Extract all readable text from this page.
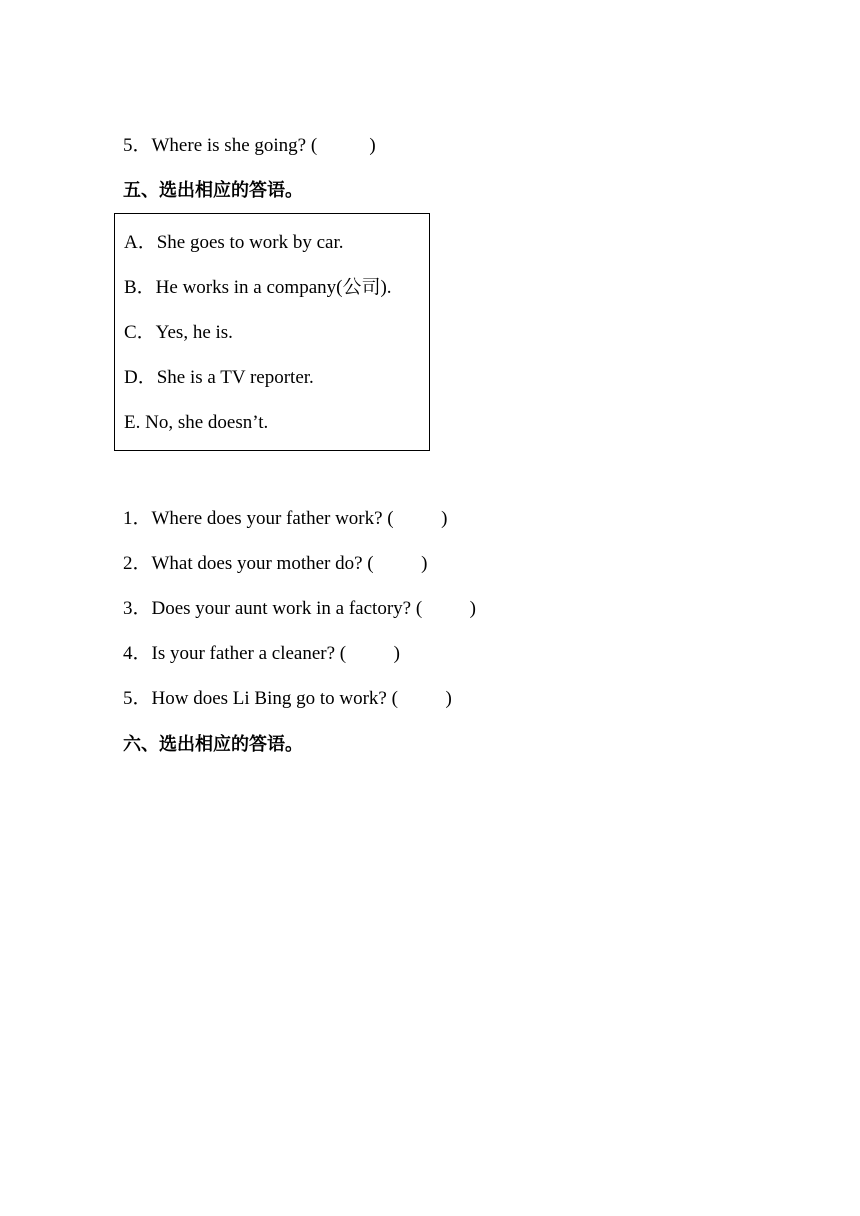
5．Where is she going? (           )
五、选出相应的答语。
A．She goes to work by car.
B．He works in a company(公司).
C．Yes, he is.
D．She is a TV reporter.
E. No, she doesn’t.
1．Where does your father work? (          )
2．What does your mother do? (          )
3．Does your aunt work in a factory? (          )
4．Is your father a cleaner? (          )
5．How does Li Bing go to work? (          )
六、选出相应的答语。
